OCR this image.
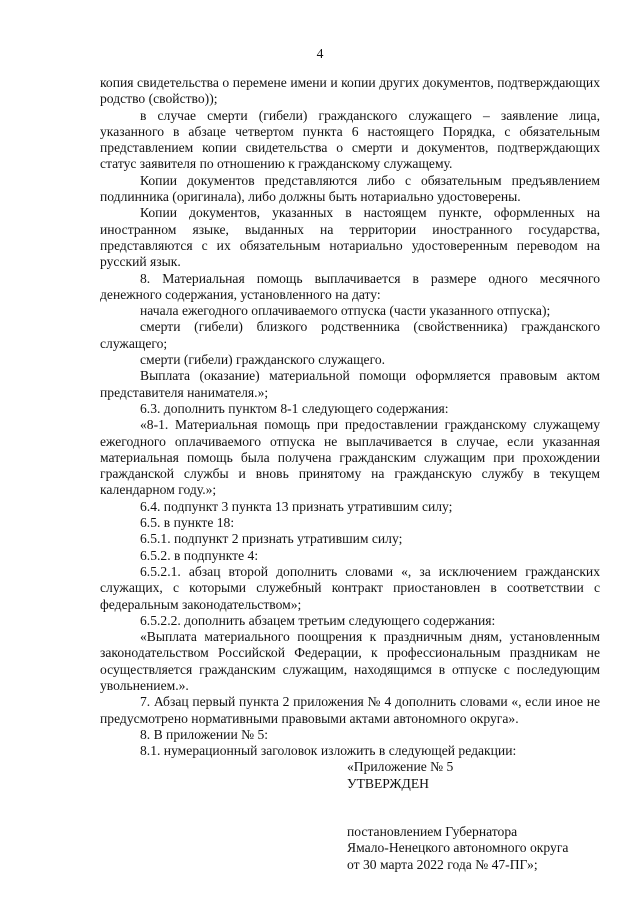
4

копия свидетельства о перемене имени и копии других документов, подтверждающих родство (свойство));

в случае смерти (гибели) гражданского служащего – заявление лица, указанного в абзаце четвертом пункта 6 настоящего Порядка, с обязательным представлением копии свидетельства о смерти и документов, подтверждающих статус заявителя по отношению к гражданскому служащему.

Копии документов представляются либо с обязательным предъявлением подлинника (оригинала), либо должны быть нотариально удостоверены.

Копии документов, указанных в настоящем пункте, оформленных на иностранном языке, выданных на территории иностранного государства, представляются с их обязательным нотариально удостоверенным переводом на русский язык.

8. Материальная помощь выплачивается в размере одного месячного денежного содержания, установленного на дату:

начала ежегодного оплачиваемого отпуска (части указанного отпуска);

смерти (гибели) близкого родственника (свойственника) гражданского служащего;

смерти (гибели) гражданского служащего.

Выплата (оказание) материальной помощи оформляется правовым актом представителя нанимателя.»;

6.3. дополнить пунктом 8-1 следующего содержания:

«8-1. Материальная помощь при предоставлении гражданскому служащему ежегодного оплачиваемого отпуска не выплачивается в случае, если указанная материальная помощь была получена гражданским служащим при прохождении гражданской службы и вновь принятому на гражданскую службу в текущем календарном году.»;

6.4. подпункт 3 пункта 13 признать утратившим силу;

6.5. в пункте 18:

6.5.1. подпункт 2 признать утратившим силу;

6.5.2. в подпункте 4:

6.5.2.1. абзац второй дополнить словами «, за исключением гражданских служащих, с которыми служебный контракт приостановлен в соответствии с федеральным законодательством»;

6.5.2.2. дополнить абзацем третьим следующего содержания:

«Выплата материального поощрения к праздничным дням, установленным законодательством Российской Федерации, к профессиональным праздникам не осуществляется гражданским служащим, находящимся в отпуске с последующим увольнением.».

7. Абзац первый пункта 2 приложения № 4 дополнить словами «, если иное не предусмотрено нормативными правовыми актами автономного округа».

8. В приложении № 5:

8.1. нумерационный заголовок изложить в следующей редакции:

«Приложение № 5
УТВЕРЖДЕН
постановлением Губернатора
Ямало-Ненецкого автономного округа
от 30 марта 2022 года № 47-ПГ»;
